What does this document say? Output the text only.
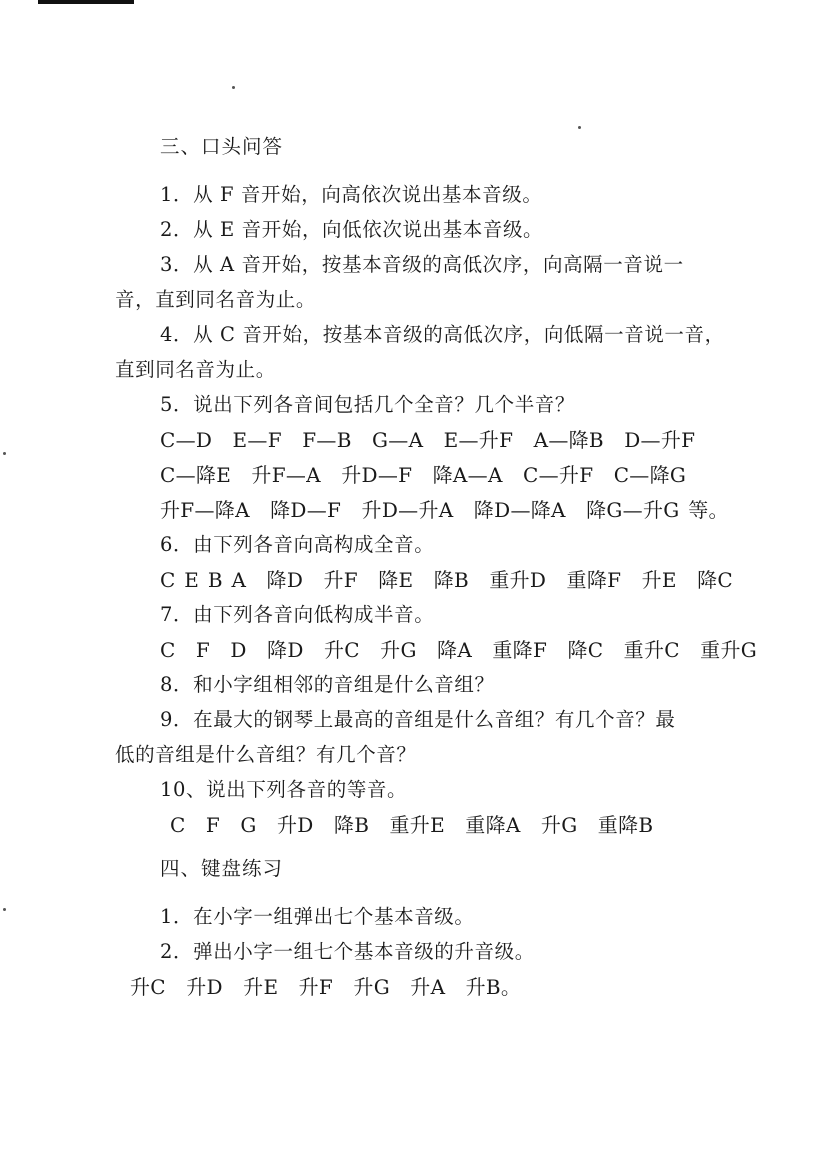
三、口头问答
1．从 F 音开始，向高依次说出基本音级。
2．从 E 音开始，向低依次说出基本音级。
3．从 A 音开始，按基本音级的高低次序，向高隔一音说一
音，直到同名音为止。
4．从 C 音开始，按基本音级的高低次序，向低隔一音说一音，
直到同名音为止。
5．说出下列各音间包括几个全音？几个半音？
C—D　E—F　F—B　G—A　E—升F　A—降B　D—升F
C—降E　升F—A　升D—F　降A—A　C—升F　C—降G
升F—降A　降D—F　升D—升A　降D—降A　降G—升G 等。
6．由下列各音向高构成全音。
C E B A　降D　升F　降E　降B　重升D　重降F　升E　降C
7．由下列各音向低构成半音。
C　F　D　降D　升C　升G　降A　重降F　降C　重升C　重升G
8．和小字组相邻的音组是什么音组？
9．在最大的钢琴上最高的音组是什么音组？有几个音？最
低的音组是什么音组？有几个音？
10、说出下列各音的等音。
C　F　G　升D　降B　重升E　重降A　升G　重降B
四、键盘练习
1．在小字一组弹出七个基本音级。
2．弹出小字一组七个基本音级的升音级。
升C　升D　升E　升F　升G　升A　升B。
